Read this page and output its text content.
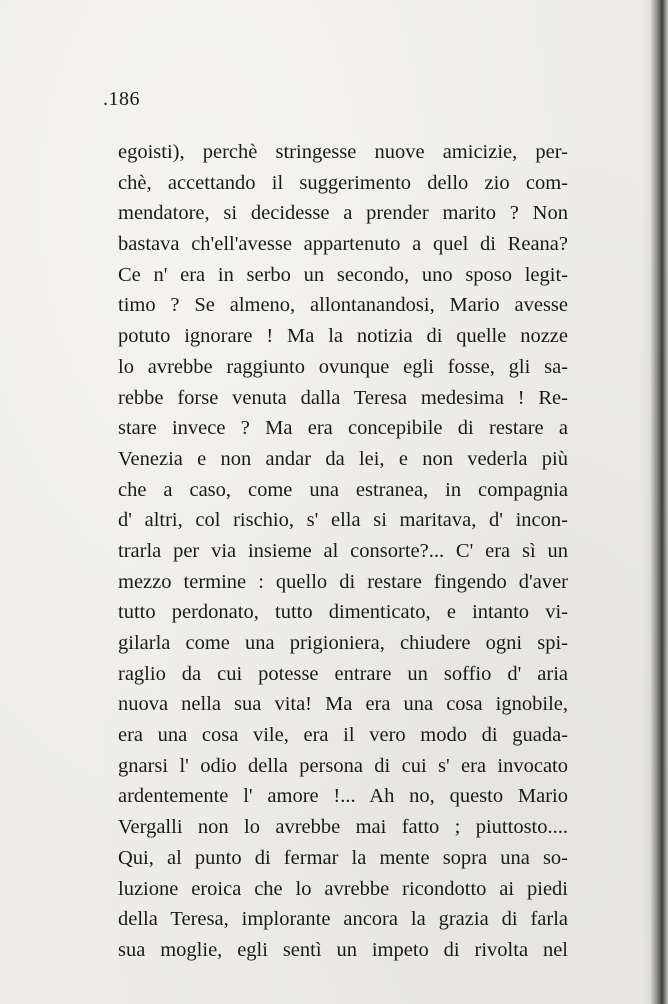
.186
egoisti), perchè stringesse nuove amicizie, per-
chè, accettando il suggerimento dello zio com-
mendatore, si decidesse a prender marito ? Non
bastava ch'ell'avesse appartenuto a quel di Reana?
Ce n' era in serbo un secondo, uno sposo legit-
timo ? Se almeno, allontanandosi, Mario avesse
potuto ignorare ! Ma la notizia di quelle nozze
lo avrebbe raggiunto ovunque egli fosse, gli sa-
rebbe forse venuta dalla Teresa medesima ! Re-
stare invece ? Ma era concepibile di restare a
Venezia e non andar da lei, e non vederla più
che a caso, come una estranea, in compagnia
d' altri, col rischio, s' ella si maritava, d' incon-
trarla per via insieme al consorte?... C' era sì un
mezzo termine : quello di restare fingendo d'aver
tutto perdonato, tutto dimenticato, e intanto vi-
gilarla come una prigioniera, chiudere ogni spi-
raglio da cui potesse entrare un soffio d' aria
nuova nella sua vita! Ma era una cosa ignobile,
era una cosa vile, era il vero modo di guada-
gnarsi l' odio della persona di cui s' era invocato
ardentemente l' amore !... Ah no, questo Mario
Vergalli non lo avrebbe mai fatto ; piuttosto....
Qui, al punto di fermar la mente sopra una so-
luzione eroica che lo avrebbe ricondotto ai piedi
della Teresa, implorante ancora la grazia di farla
sua moglie, egli sentì un impeto di rivolta nel
